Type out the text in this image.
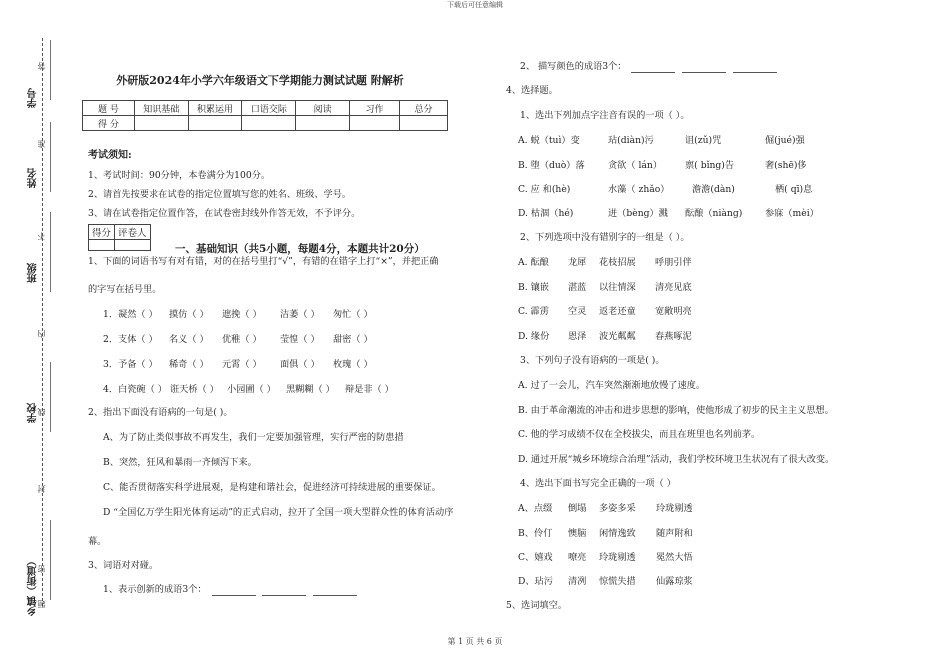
下载后可任意编辑
第 1 页 共 6 页
学号
姓名
班级
学校
乡镇（街道）
答
准
不
内
线
封
密
题
外研版2024年小学六年级语文下学期能力测试试题 附解析
题 号	知识基础	积累运用	口语交际	阅读	习作	总分
得 分						
考试须知:
1、考试时间：90分钟，本卷满分为100分。
2、请首先按要求在试卷的指定位置填写您的姓名、班级、学号。
3、请在试卷指定位置作答，在试卷密封线外作答无效，不予评分。
得分	评卷人

一、基础知识（共5小题，每题4分，本题共计20分）
1、下面的词语书写有对有错，对的在括号里打“√”，有错的在错字上打“×”，并把正确
的字写在括号里。
1．凝然（ ） 摸仿（ ） 遮挽（ ） 洁萎（ ） 匆忙（ ）
2．支体（ ） 名义（ ） 优稚（ ） 莹惶（ ） 甜密（ ）
3．予备（ ） 稀奇（ ） 元霄（ ） 面俱（ ） 枚瑰（ ）
4．白瓷碗（ ） 诳天桥（ ） 小园圃（ ） 黑糊糊（ ） 辩是非（ ）
2、指出下面没有语病的一句是( )。
A、为了防止类似事故不再发生，我们一定要加强管理，实行严密的防患措
B、突然，狂风和暴雨一齐倾泻下来。
C、能否贯彻落实科学进展观，是构建和谐社会，促进经济可持续进展的重要保证。
D “全国亿万学生阳光体育运动”的正式启动，拉开了全国一项大型群众性的体育活动序
幕。
3、词语对对碰。
1、表示创新的成语3个：
2、 描写颜色的成语3个：
4、选择题。
1、选出下列加点字注音有误的一项（ ）。
A. 蜕（tuì）变	玷(diàn)污	诅(zǔ)咒	倔(jué)强
B. 堕（duò）落	贪欲（ lán） 禀( bǐng)告	奢(shē)侈
C. 应 和(hè)	水藻（ zhǎo） 澹澹(dàn)	栖( qī)息
D. 枯涸（hé)	迸（bèng）溅 酝酿（niàng) 参寐（mèi）
2、下列选项中没有错别字的一组是（ ）。
A. 酝酿 龙犀 花枝招展 呼朋引伴
B. 镶嵌 湛蓝 以往情深 清亮见底
C. 霹雳 空灵 返老还童 宽敞明亮
D. 缘份 恩泽 波光粼粼 春燕啄泥
3、下列句子没有语病的一项是( )。
A. 过了一会儿，汽车突然渐渐地放慢了速度。
B. 由于革命潮流的冲击和进步思想的影响，使他形成了初步的民主主义思想。
C. 他的学习成绩不仅在全校拔尖，而且在班里也名列前茅。
D. 通过开展“城乡环境综合治理”活动，我们学校环境卫生状况有了很大改变。
4、选出下面书写完全正确的一项（ ）
A、点缀 倒塌 多姿多采 玲珑剔透
B、伶仃 懊脑 闲情逸致 随声附和
C、嬉戏 嘹亮 玲珑剔透 冕然大悟
D、玷污 清冽 惊慌失措 仙露琼浆
5、选词填空。
